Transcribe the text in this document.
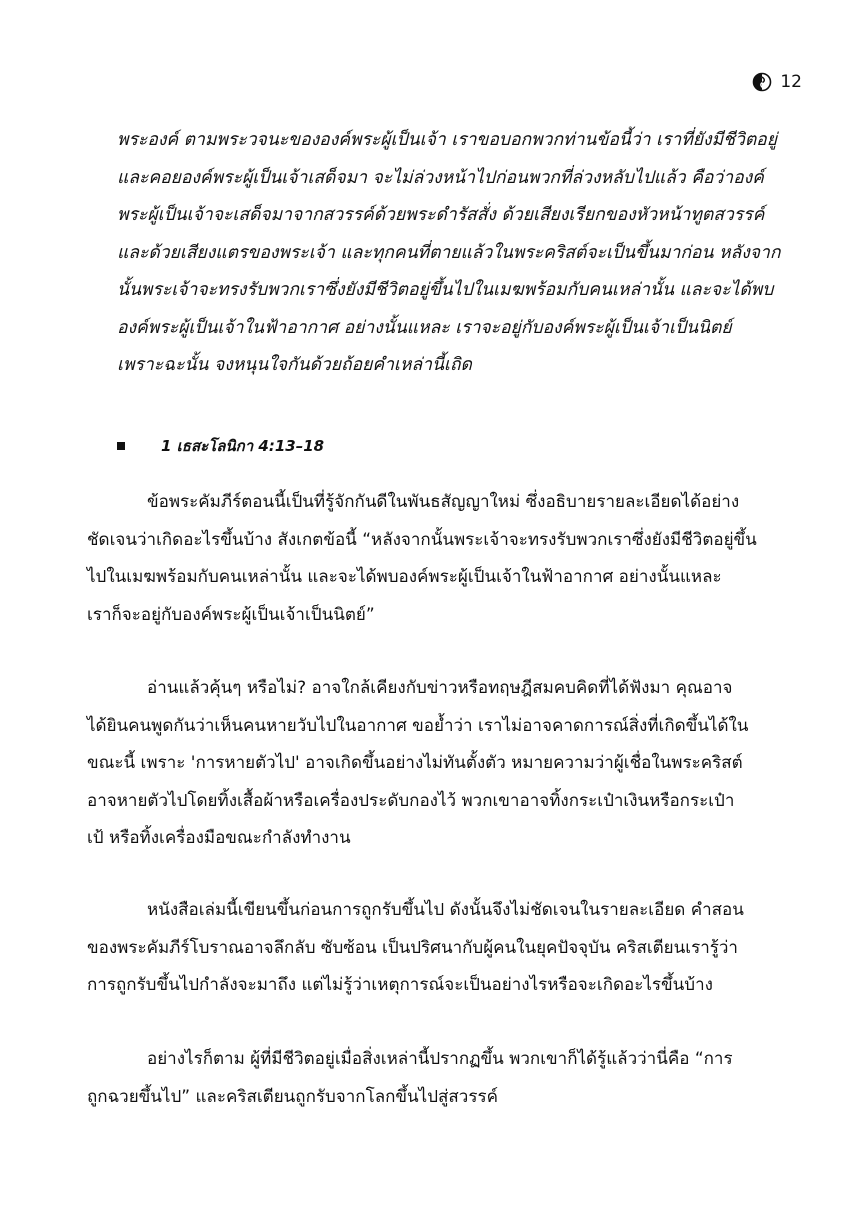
12

พระองค์ ตามพระวจนะขององค์พระผู้เป็นเจ้า เราขอบอกพวกท่านข้อนี้ว่า เราที่ยังมีชีวิตอยู่

และคอยองค์พระผู้เป็นเจ้าเสด็จมา จะไม่ล่วงหน้าไปก่อนพวกที่ล่วงหลับไปแล้ว คือว่าองค์

พระผู้เป็นเจ้าจะเสด็จมาจากสวรรค์ด้วยพระดำรัสสั่ง ด้วยเสียงเรียกของหัวหน้าทูตสวรรค์

และด้วยเสียงแตรของพระเจ้า และทุกคนที่ตายแล้วในพระคริสต์จะเป็นขึ้นมาก่อน หลังจาก

นั้นพระเจ้าจะทรงรับพวกเราซึ่งยังมีชีวิตอยู่ขึ้นไปในเมฆพร้อมกับคนเหล่านั้น และจะได้พบ

องค์พระผู้เป็นเจ้าในฟ้าอากาศ อย่างนั้นแหละ เราจะอยู่กับองค์พระผู้เป็นเจ้าเป็นนิตย์

เพราะฉะนั้น จงหนุนใจกันด้วยถ้อยคำเหล่านี้เถิด

1 เธสะโลนิกา 4:13–18
ข้อพระคัมภีร์ตอนนี้เป็นที่รู้จักกันดีในพันธสัญญาใหม่ ซึ่งอธิบายรายละเอียดได้อย่าง
ชัดเจนว่าเกิดอะไรขึ้นบ้าง สังเกตข้อนี้ “หลังจากนั้นพระเจ้าจะทรงรับพวกเราซึ่งยังมีชีวิตอยู่ขึ้น
ไปในเมฆพร้อมกับคนเหล่านั้น และจะได้พบองค์พระผู้เป็นเจ้าในฟ้าอากาศ อย่างนั้นแหละ
เราก็จะอยู่กับองค์พระผู้เป็นเจ้าเป็นนิตย์”
อ่านแล้วคุ้นๆ หรือไม่? อาจใกล้เคียงกับข่าวหรือทฤษฎีสมคบคิดที่ได้ฟังมา คุณอาจ
ได้ยินคนพูดกันว่าเห็นคนหายวับไปในอากาศ ขอย้ำว่า เราไม่อาจคาดการณ์สิ่งที่เกิดขึ้นได้ใน
ขณะนี้ เพราะ 'การหายตัวไป' อาจเกิดขึ้นอย่างไม่ทันตั้งตัว หมายความว่าผู้เชื่อในพระคริสต์
อาจหายตัวไปโดยทิ้งเสื้อผ้าหรือเครื่องประดับกองไว้ พวกเขาอาจทิ้งกระเป๋าเงินหรือกระเป๋า
เป้ หรือทิ้งเครื่องมือขณะกำลังทำงาน
หนังสือเล่มนี้เขียนขึ้นก่อนการถูกรับขึ้นไป ดังนั้นจึงไม่ชัดเจนในรายละเอียด คำสอน
ของพระคัมภีร์โบราณอาจลึกลับ ซับซ้อน เป็นปริศนากับผู้คนในยุคปัจจุบัน คริสเตียนเรารู้ว่า
การถูกรับขึ้นไปกำลังจะมาถึง แต่ไม่รู้ว่าเหตุการณ์จะเป็นอย่างไรหรือจะเกิดอะไรขึ้นบ้าง
อย่างไรก็ตาม ผู้ที่มีชีวิตอยู่เมื่อสิ่งเหล่านี้ปรากฏขึ้น พวกเขาก็ได้รู้แล้วว่านี่คือ “การ
ถูกฉวยขึ้นไป” และคริสเตียนถูกรับจากโลกขึ้นไปสู่สวรรค์
